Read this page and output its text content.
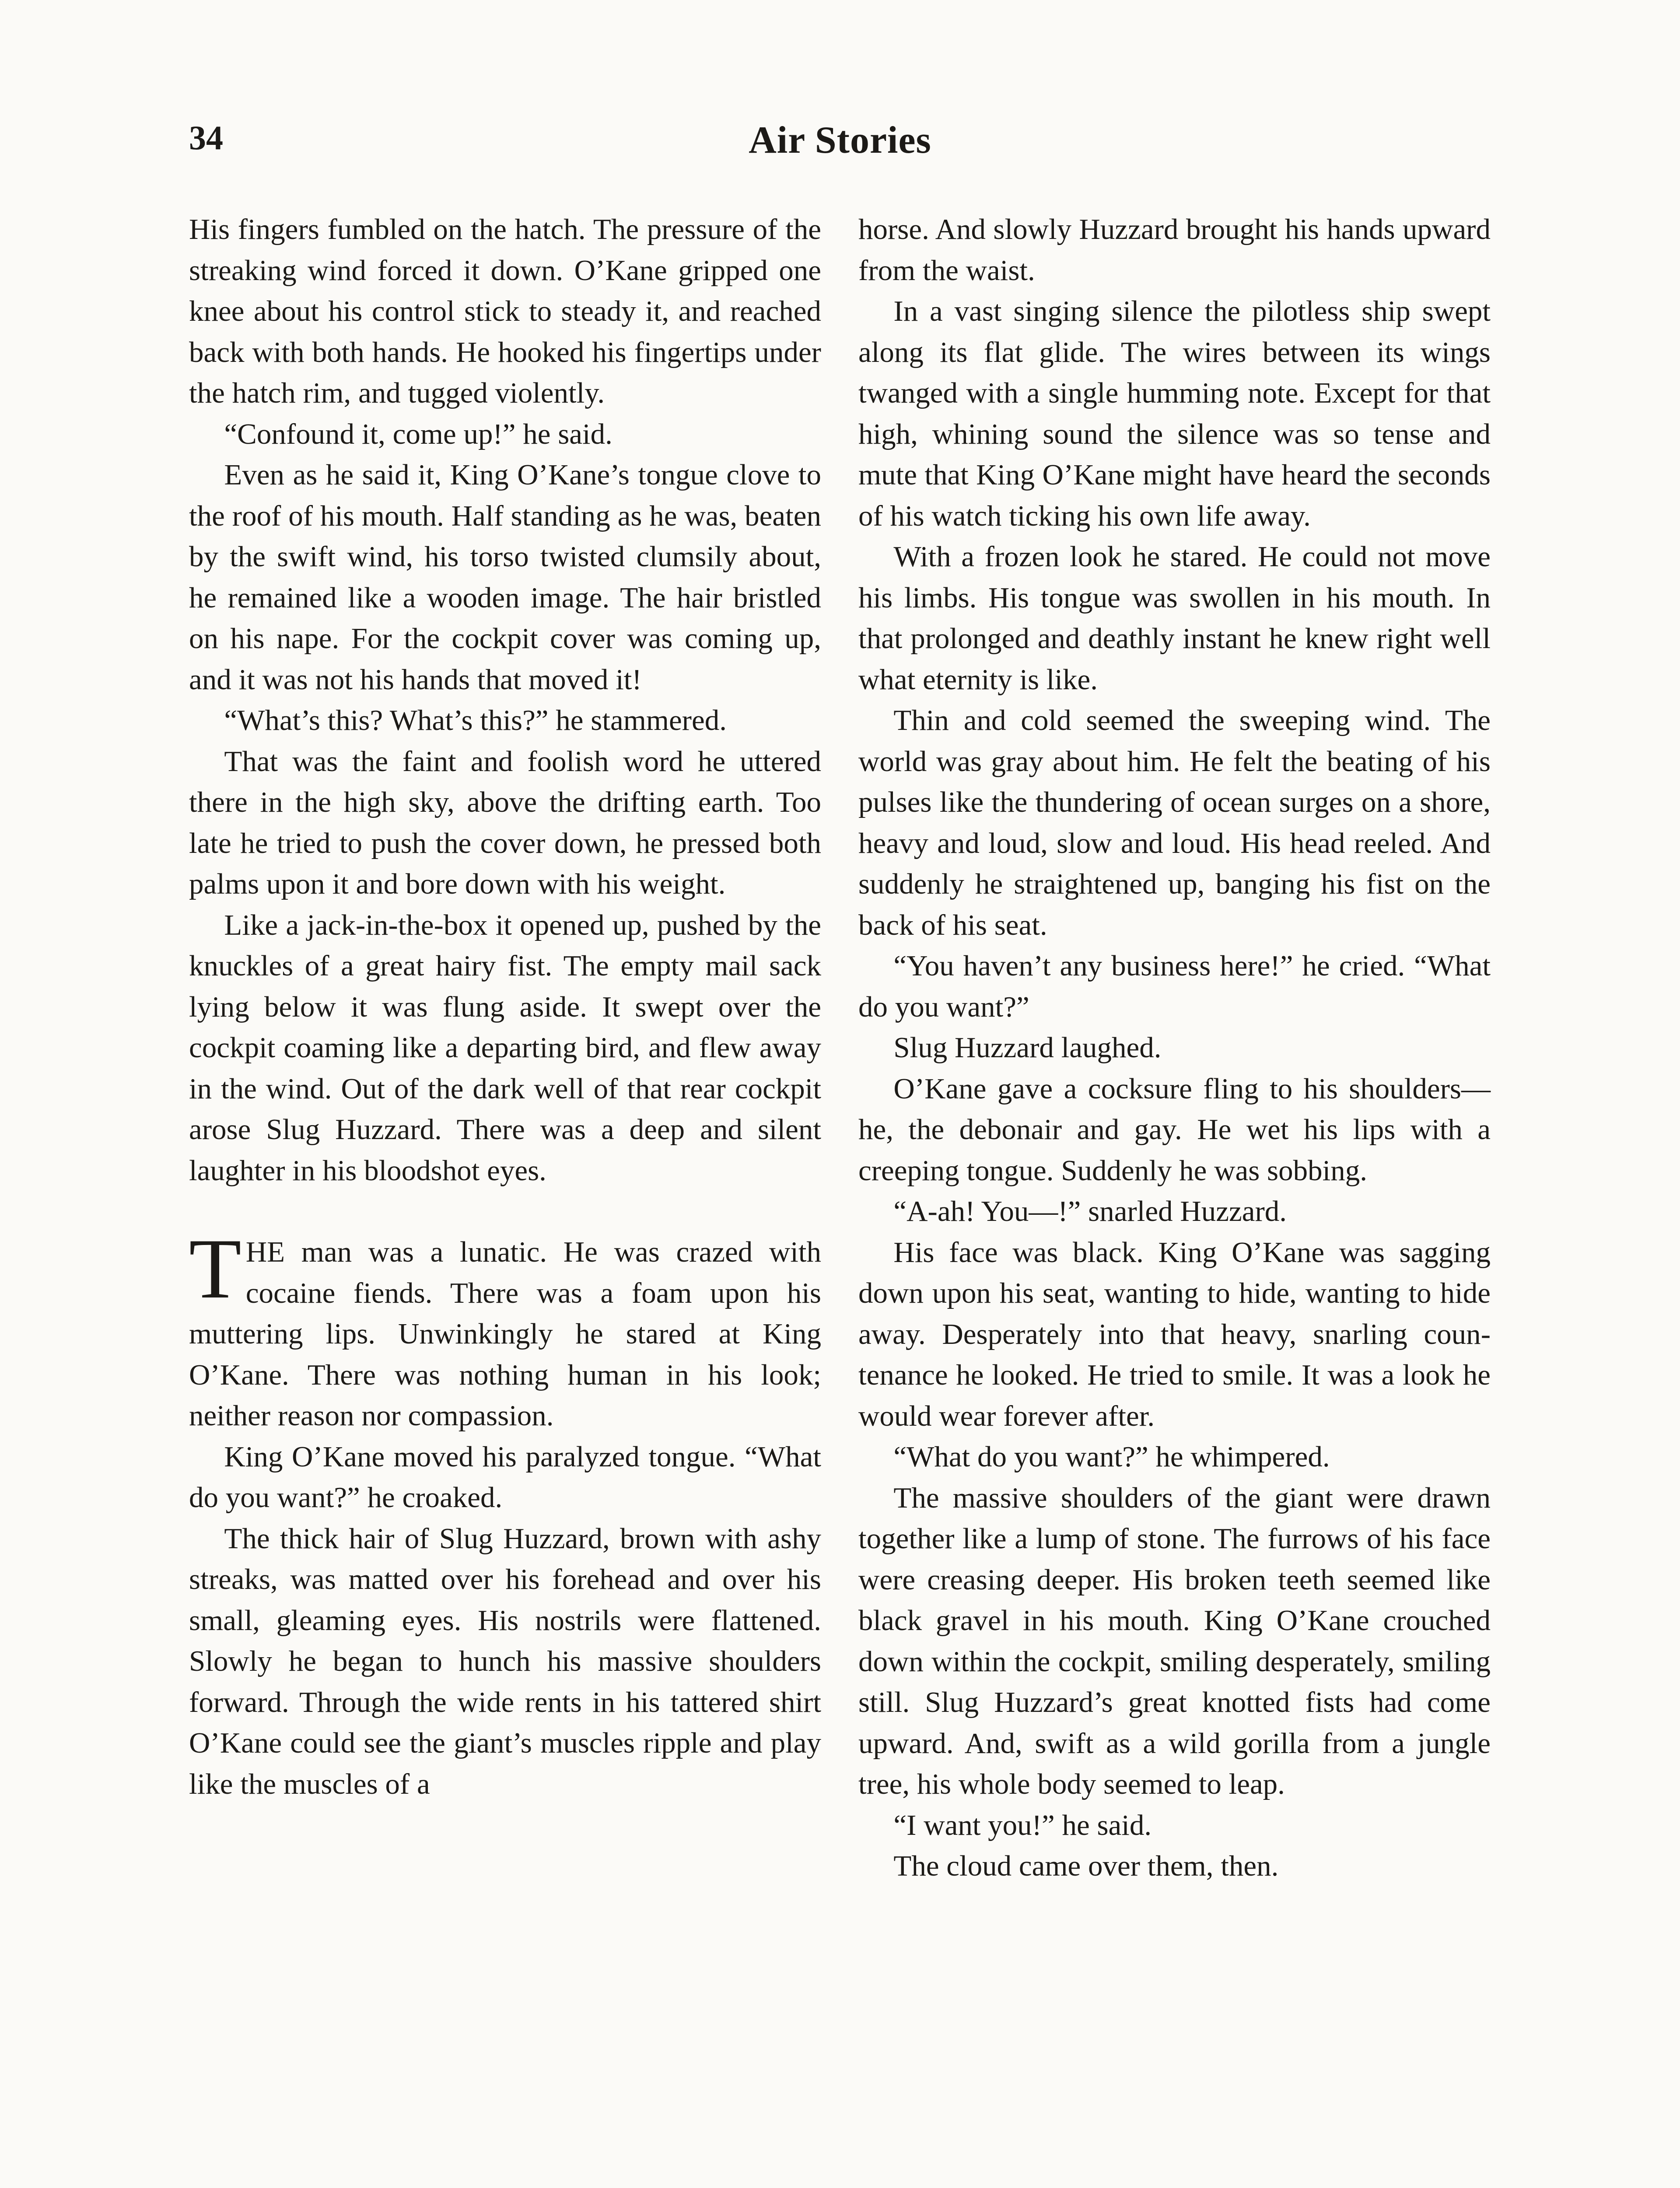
34	Air Stories

His fingers fumbled on the hatch. The pressure of the streaking wind forced it down. O’Kane gripped one knee about his control stick to steady it, and reached back with both hands. He hooked his fingertips under the hatch rim, and tugged violently.

“Confound it, come up!” he said.

Even as he said it, King O’Kane’s tongue clove to the roof of his mouth. Half standing as he was, beaten by the swift wind, his torso twisted clumsily about, he remained like a wooden image. The hair bristled on his nape. For the cockpit cover was coming up, and it was not his hands that moved it!

“What’s this? What’s this?” he stammered.

That was the faint and foolish word he uttered there in the high sky, above the drifting earth. Too late he tried to push the cover down, he pressed both palms upon it and bore down with his weight.

Like a jack-in-the-box it opened up, pushed by the knuckles of a great hairy fist. The empty mail sack lying below it was flung aside. It swept over the cockpit coaming like a departing bird, and flew away in the wind. Out of the dark well of that rear cockpit arose Slug Huzzard. There was a deep and silent laughter in his bloodshot eyes.

THE man was a lunatic. He was crazed with cocaine fiends. There was a foam upon his muttering lips. Unwinkingly he stared at King O’Kane. There was nothing human in his look; neither reason nor compassion.

King O’Kane moved his paralyzed tongue. “What do you want?” he croaked.

The thick hair of Slug Huzzard, brown with ashy streaks, was matted over his forehead and over his small, gleaming eyes. His nostrils were flattened. Slowly he began to hunch his massive shoulders forward. Through the wide rents in his tattered shirt O’Kane could see the giant’s muscles ripple and play like the muscles of a

horse. And slowly Huzzard brought his hands upward from the waist.

In a vast singing silence the pilotless ship swept along its flat glide. The wires between its wings twanged with a single humming note. Except for that high, whining sound the silence was so tense and mute that King O’Kane might have heard the seconds of his watch ticking his own life away.

With a frozen look he stared. He could not move his limbs. His tongue was swollen in his mouth. In that prolonged and deathly instant he knew right well what eternity is like.

Thin and cold seemed the sweeping wind. The world was gray about him. He felt the beating of his pulses like the thundering of ocean surges on a shore, heavy and loud, slow and loud. His head reeled. And suddenly he straightened up, banging his fist on the back of his seat.

“You haven’t any business here!” he cried. “What do you want?”

Slug Huzzard laughed.

O’Kane gave a cocksure fling to his shoulders—he, the debonair and gay. He wet his lips with a creeping tongue. Suddenly he was sobbing.

“A-ah! You—!” snarled Huzzard.

His face was black. King O’Kane was sagging down upon his seat, wanting to hide, wanting to hide away. Desperately into that heavy, snarling countenance he looked. He tried to smile. It was a look he would wear forever after.

“What do you want?” he whimpered.

The massive shoulders of the giant were drawn together like a lump of stone. The furrows of his face were creasing deeper. His broken teeth seemed like black gravel in his mouth. King O’Kane crouched down within the cockpit, smiling desperately, smiling still. Slug Huzzard’s great knotted fists had come upward. And, swift as a wild gorilla from a jungle tree, his whole body seemed to leap.

“I want you!” he said.

The cloud came over them, then.
